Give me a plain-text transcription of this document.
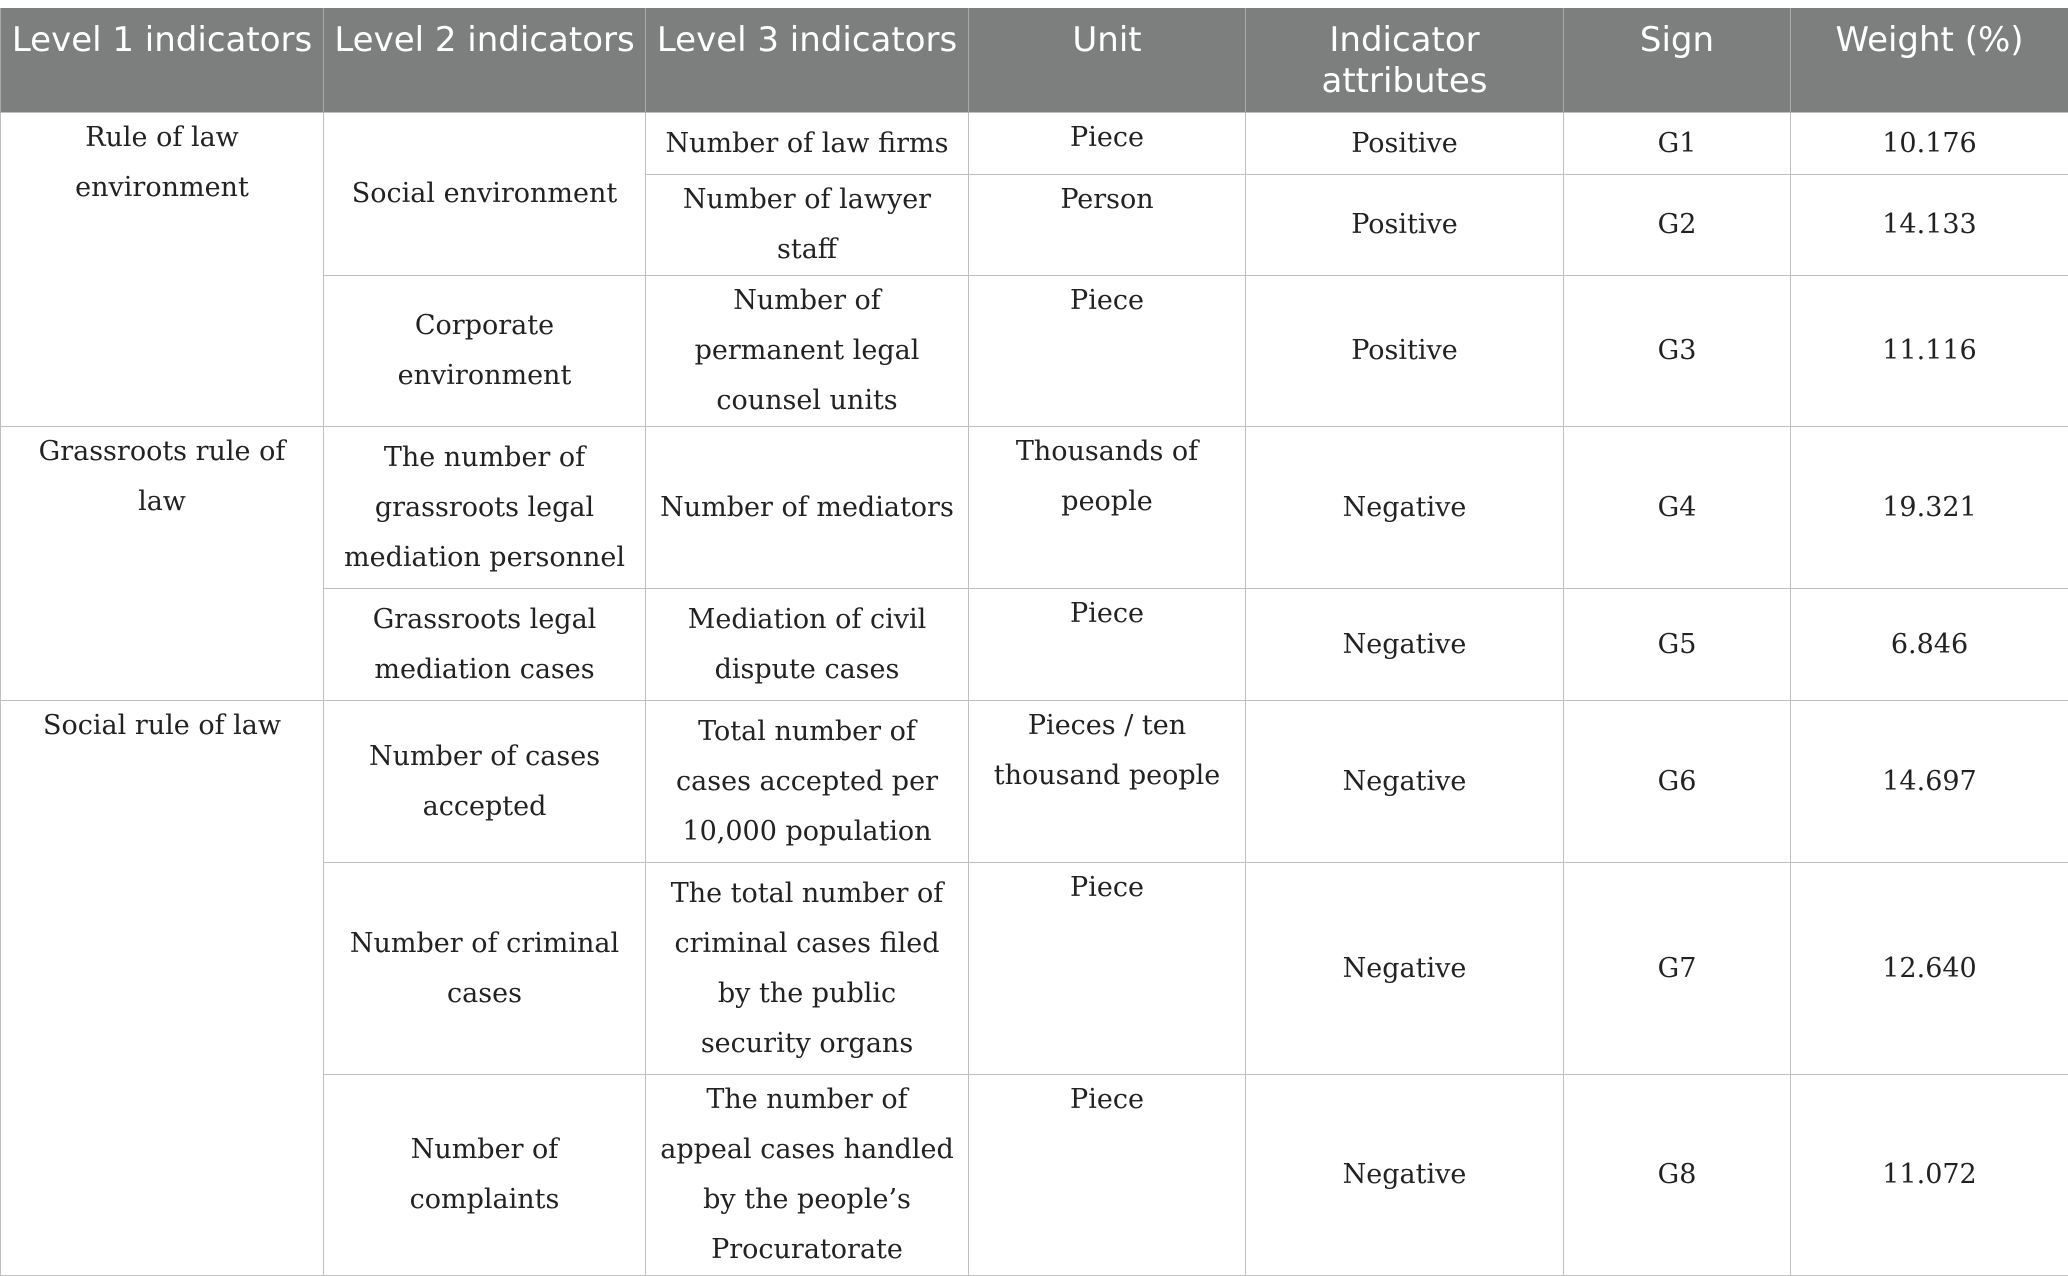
Level 1 indicators	Level 2 indicators	Level 3 indicators	Unit	Indicator attributes	Sign	Weight (%)
Rule of law environment	Social environment	Number of law firms	Piece	Positive	G1	10.176
		Number of lawyer staff	Person	Positive	G2	14.133
	Corporate environment	Number of permanent legal counsel units	Piece	Positive	G3	11.116
Grassroots rule of law	The number of grassroots legal mediation personnel	Number of mediators	Thousands of people	Negative	G4	19.321
	Grassroots legal mediation cases	Mediation of civil dispute cases	Piece	Negative	G5	6.846
Social rule of law	Number of cases accepted	Total number of cases accepted per 10,000 population	Pieces / ten thousand people	Negative	G6	14.697
	Number of criminal cases	The total number of criminal cases filed by the public security organs	Piece	Negative	G7	12.640
	Number of complaints	The number of appeal cases handled by the people’s Procuratorate	Piece	Negative	G8	11.072
